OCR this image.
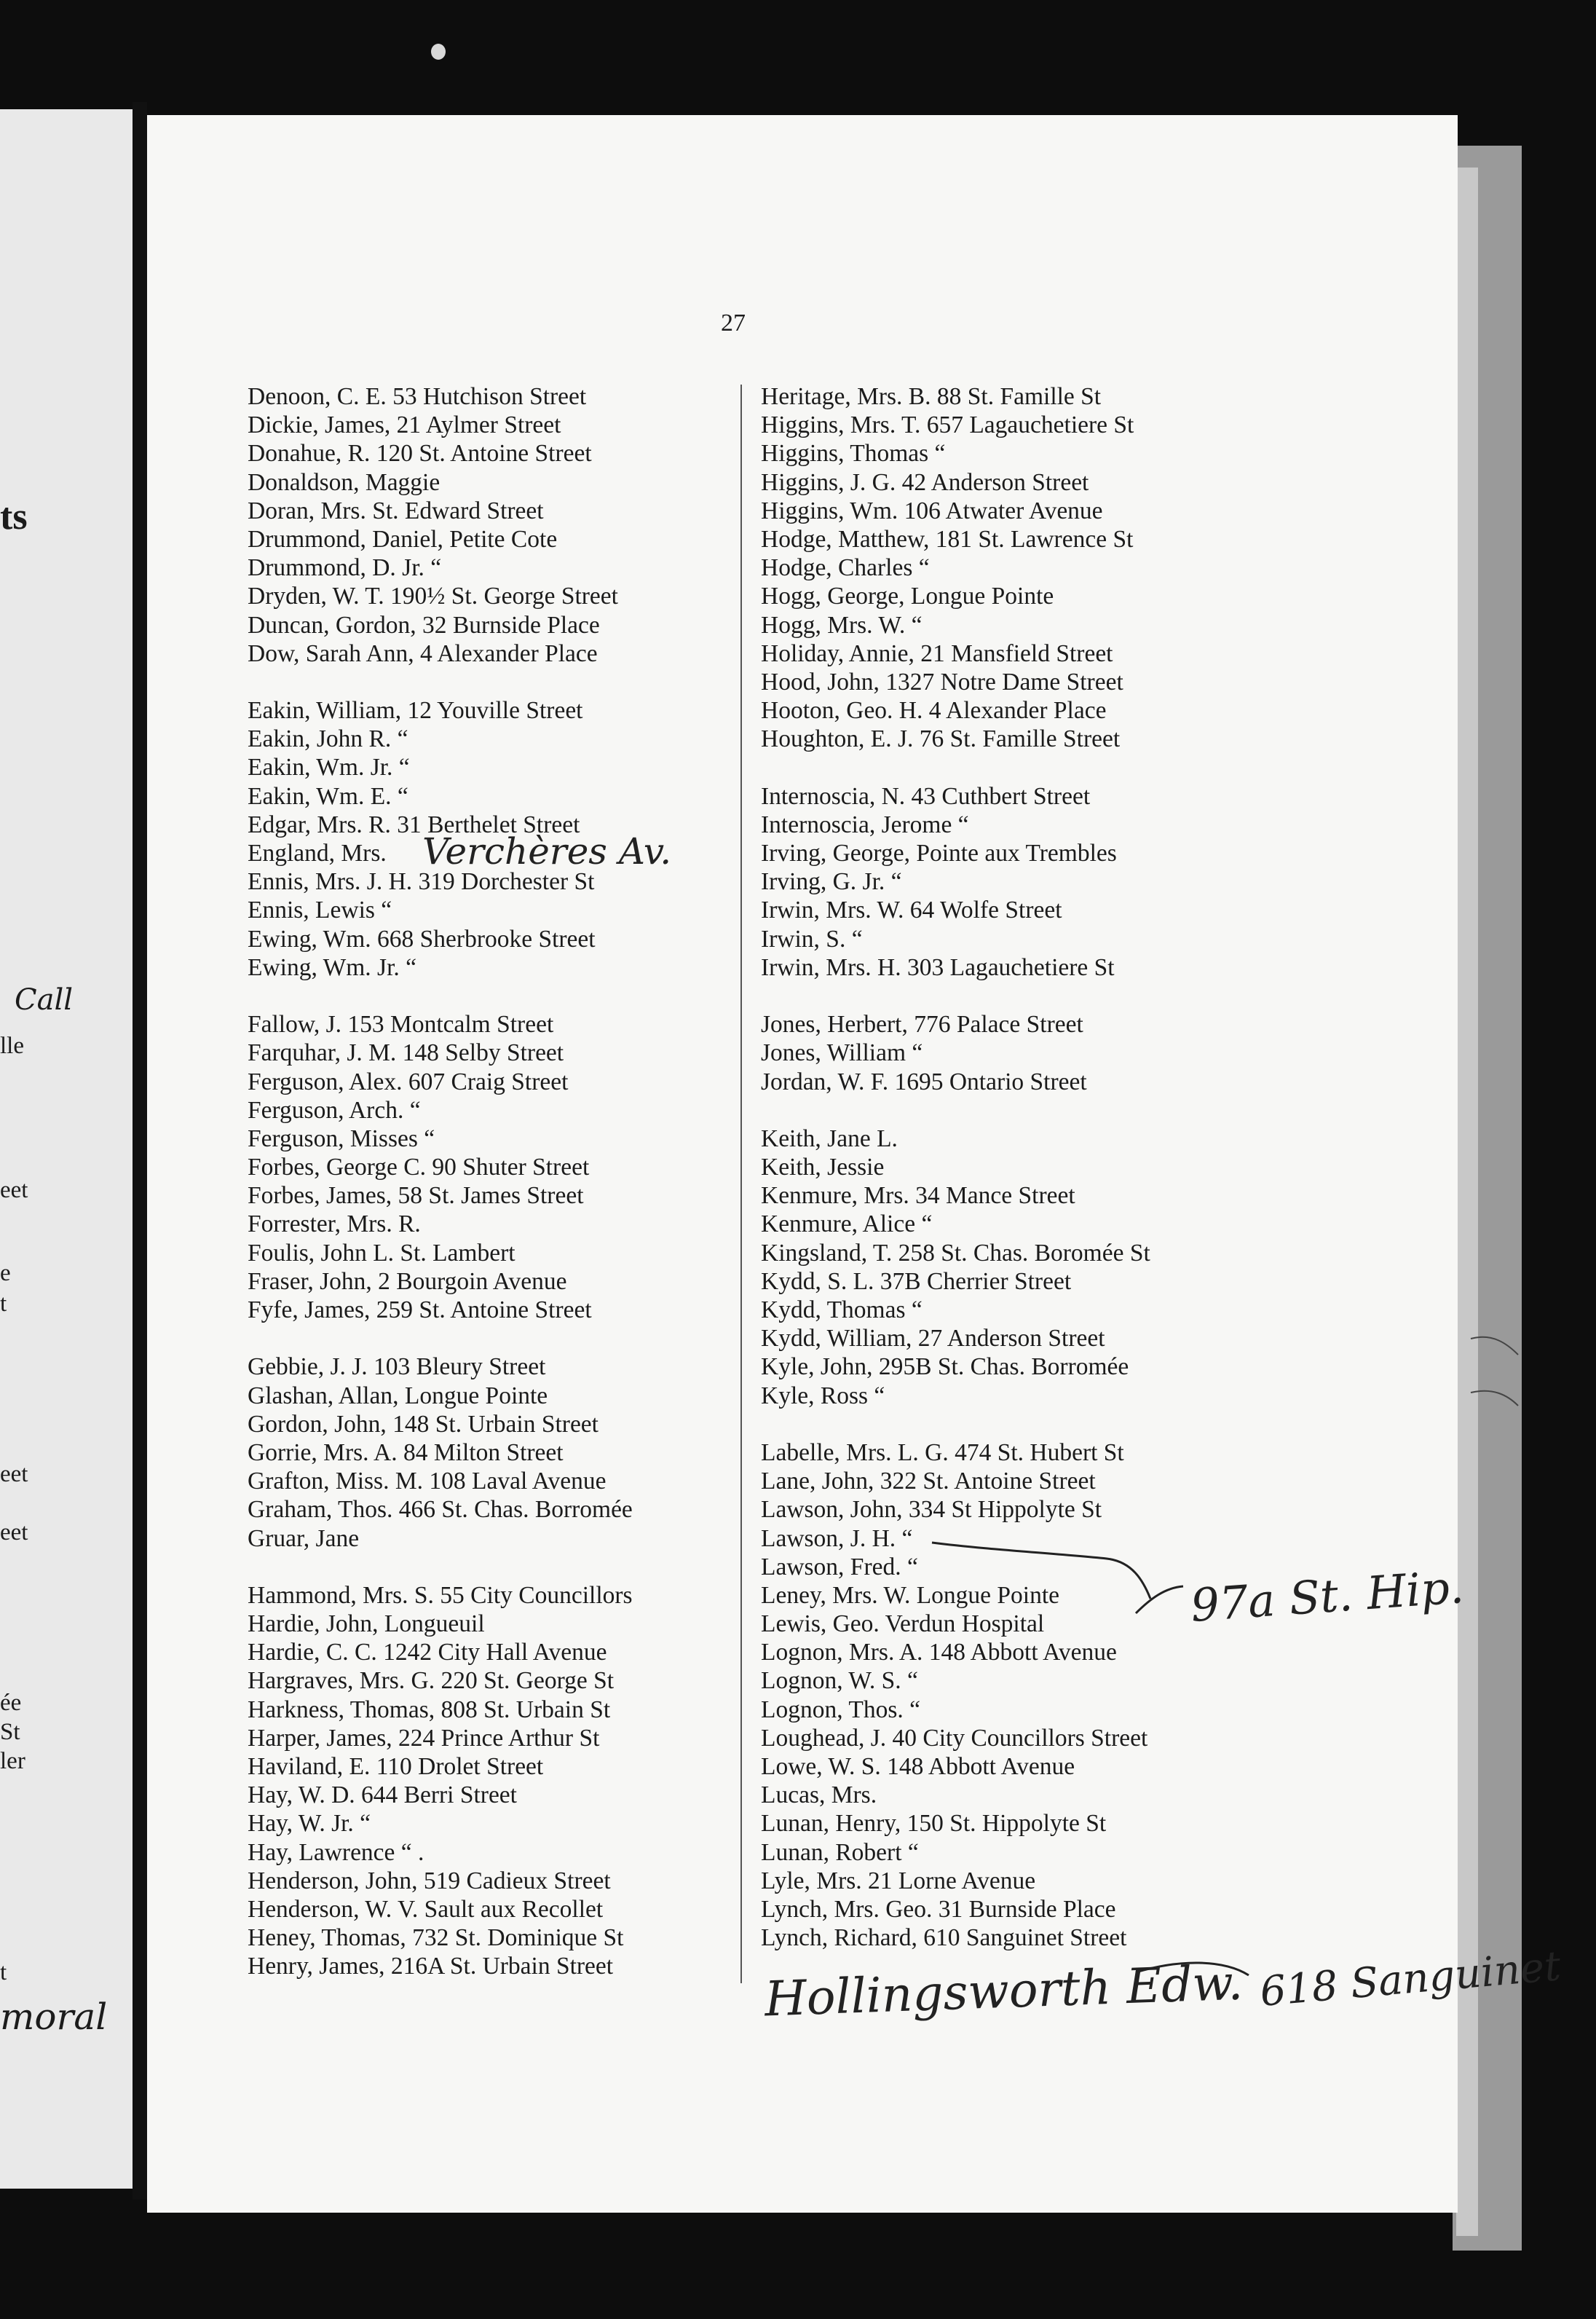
ts
Call
lle
eet
e
t
eet
eet
ée
St
ler
t
moral
27
Denoon, C. E. 53 Hutchison Street
Dickie, James, 21 Aylmer Street
Donahue, R. 120 St. Antoine Street
Donaldson, Maggie
Doran, Mrs. St. Edward Street
Drummond, Daniel, Petite Cote
Drummond, D. Jr. “
Dryden, W. T. 190½ St. George Street
Duncan, Gordon, 32 Burnside Place
Dow, Sarah Ann, 4 Alexander Place
Eakin, William, 12 Youville Street
Eakin, John R. “
Eakin, Wm. Jr. “
Eakin, Wm. E. “
Edgar, Mrs. R. 31 Berthelet Street
England, Mrs.
Ennis, Mrs. J. H. 319 Dorchester St
Ennis, Lewis “
Ewing, Wm. 668 Sherbrooke Street
Ewing, Wm. Jr. “
Fallow, J. 153 Montcalm Street
Farquhar, J. M. 148 Selby Street
Ferguson, Alex. 607 Craig Street
Ferguson, Arch. “
Ferguson, Misses “
Forbes, George C. 90 Shuter Street
Forbes, James, 58 St. James Street
Forrester, Mrs. R.
Foulis, John L. St. Lambert
Fraser, John, 2 Bourgoin Avenue
Fyfe, James, 259 St. Antoine Street
Gebbie, J. J. 103 Bleury Street
Glashan, Allan, Longue Pointe
Gordon, John, 148 St. Urbain Street
Gorrie, Mrs. A. 84 Milton Street
Grafton, Miss. M. 108 Laval Avenue
Graham, Thos. 466 St. Chas. Borromée
Gruar, Jane
Hammond, Mrs. S. 55 City Councillors
Hardie, John, Longueuil
Hardie, C. C. 1242 City Hall Avenue
Hargraves, Mrs. G. 220 St. George St
Harkness, Thomas, 808 St. Urbain St
Harper, James, 224 Prince Arthur St
Haviland, E. 110 Drolet Street
Hay, W. D. 644 Berri Street
Hay, W. Jr. “
Hay, Lawrence “ .
Henderson, John, 519 Cadieux Street
Henderson, W. V. Sault aux Recollet
Heney, Thomas, 732 St. Dominique St
Henry, James, 216A St. Urbain Street
Heritage, Mrs. B. 88 St. Famille St
Higgins, Mrs. T. 657 Lagauchetiere St
Higgins, Thomas “
Higgins, J. G. 42 Anderson Street
Higgins, Wm. 106 Atwater Avenue
Hodge, Matthew, 181 St. Lawrence St
Hodge, Charles “
Hogg, George, Longue Pointe
Hogg, Mrs. W. “
Holiday, Annie, 21 Mansfield Street
Hood, John, 1327 Notre Dame Street
Hooton, Geo. H. 4 Alexander Place
Houghton, E. J. 76 St. Famille Street
Internoscia, N. 43 Cuthbert Street
Internoscia, Jerome “
Irving, George, Pointe aux Trembles
Irving, G. Jr. “
Irwin, Mrs. W. 64 Wolfe Street
Irwin, S. “
Irwin, Mrs. H. 303 Lagauchetiere St
Jones, Herbert, 776 Palace Street
Jones, William “
Jordan, W. F. 1695 Ontario Street
Keith, Jane L.
Keith, Jessie
Kenmure, Mrs. 34 Mance Street
Kenmure, Alice “
Kingsland, T. 258 St. Chas. Boromée St
Kydd, S. L. 37B Cherrier Street
Kydd, Thomas “
Kydd, William, 27 Anderson Street
Kyle, John, 295B St. Chas. Borromée
Kyle, Ross “
Labelle, Mrs. L. G. 474 St. Hubert St
Lane, John, 322 St. Antoine Street
Lawson, John, 334 St Hippolyte St
Lawson, J. H. “
Lawson, Fred. “
Leney, Mrs. W. Longue Pointe
Lewis, Geo. Verdun Hospital
Lognon, Mrs. A. 148 Abbott Avenue
Lognon, W. S. “
Lognon, Thos. “
Loughead, J. 40 City Councillors Street
Lowe, W. S. 148 Abbott Avenue
Lucas, Mrs.
Lunan, Henry, 150 St. Hippolyte St
Lunan, Robert “
Lyle, Mrs. 21 Lorne Avenue
Lynch, Mrs. Geo. 31 Burnside Place
Lynch, Richard, 610 Sanguinet Street
Verchères Av.
97a St. Hip.
Hollingsworth Edw. 618 Sanguinet
